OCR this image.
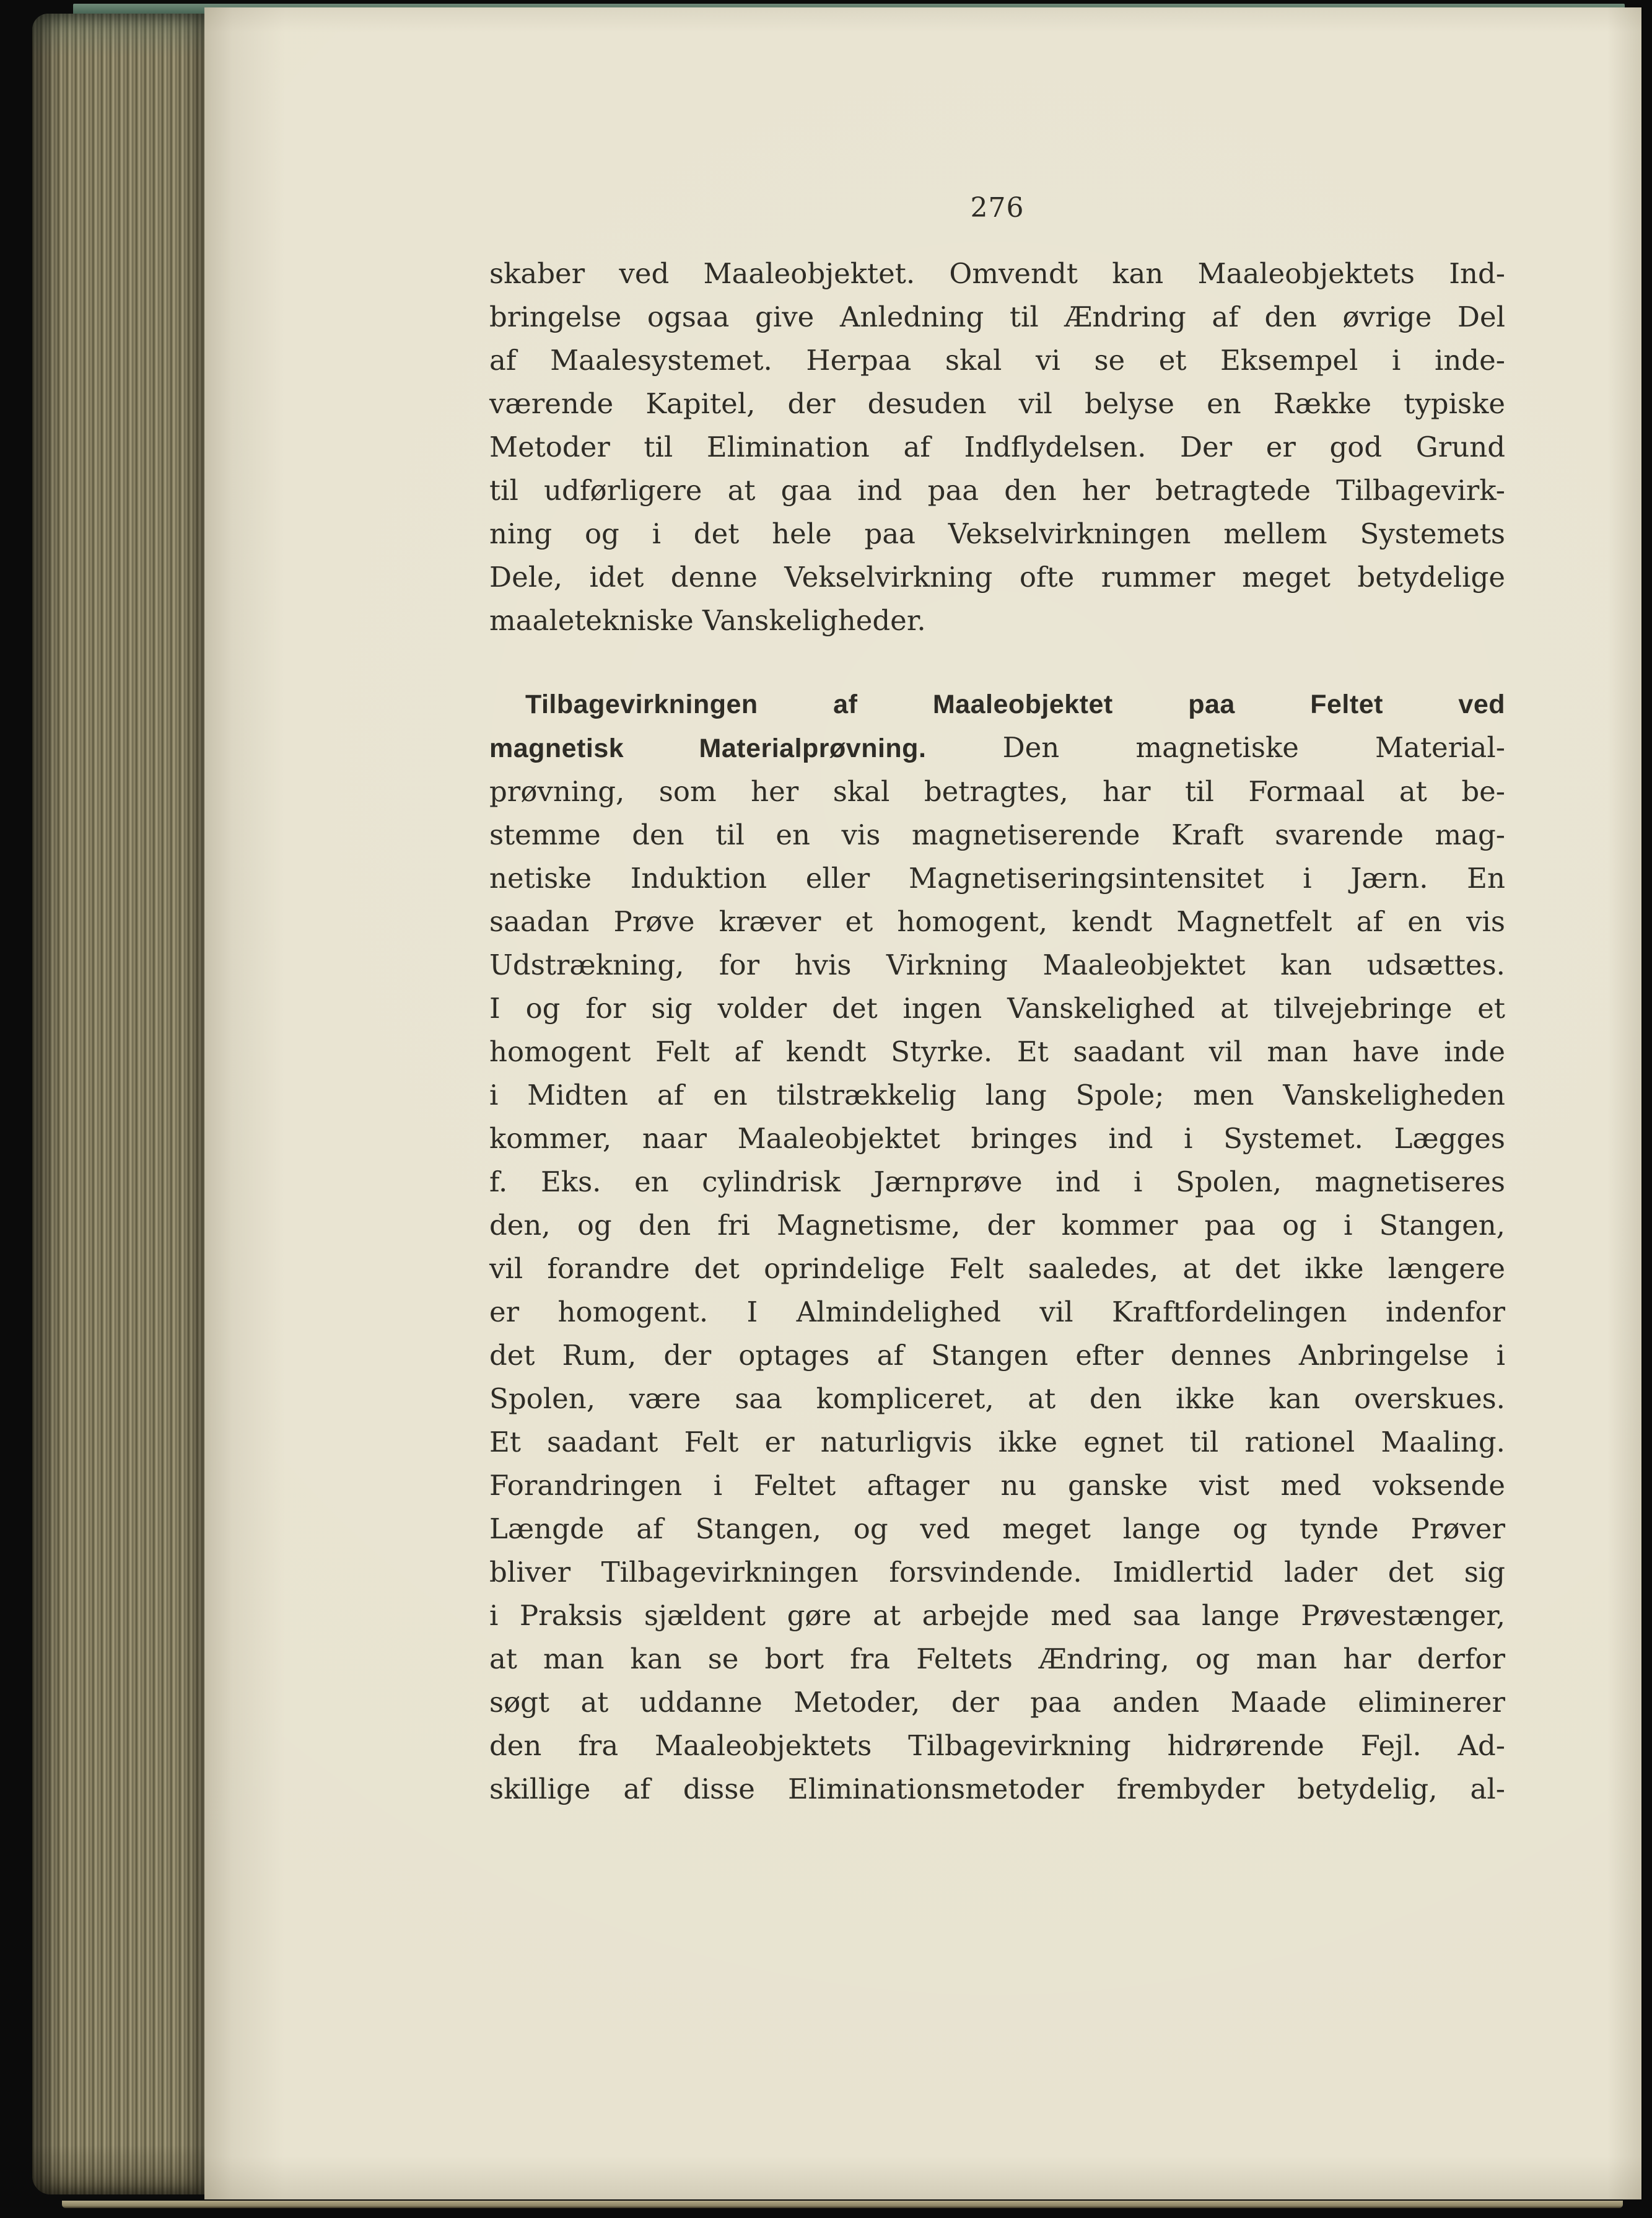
276
skaber ved Maaleobjektet. Omvendt kan Maaleobjektets Ind-
bringelse ogsaa give Anledning til Ændring af den øvrige Del
af Maalesystemet. Herpaa skal vi se et Eksempel i inde-
værende Kapitel, der desuden vil belyse en Række typiske
Metoder til Elimination af Indflydelsen. Der er god Grund
til udførligere at gaa ind paa den her betragtede Tilbagevirk-
ning og i det hele paa Vekselvirkningen mellem Systemets
Dele, idet denne Vekselvirkning ofte rummer meget betydelige
maaletekniske Vanskeligheder.
Tilbagevirkningen af Maaleobjektet paa Feltet ved
magnetisk Materialprøvning.	Den magnetiske Material-
prøvning, som her skal betragtes, har til Formaal at be-
stemme den til en vis magnetiserende Kraft svarende mag-
netiske Induktion eller Magnetiseringsintensitet i Jærn. En
saadan Prøve kræver et homogent, kendt Magnetfelt af en vis
Udstrækning, for hvis Virkning Maaleobjektet kan udsættes.
I og for sig volder det ingen Vanskelighed at tilvejebringe et
homogent Felt af kendt Styrke. Et saadant vil man have inde
i Midten af en tilstrækkelig lang Spole; men Vanskeligheden
kommer, naar Maaleobjektet bringes ind i Systemet. Lægges
f. Eks. en cylindrisk Jærnprøve ind i Spolen, magnetiseres
den, og den fri Magnetisme, der kommer paa og i Stangen,
vil forandre det oprindelige Felt saaledes, at det ikke længere
er homogent. I Almindelighed vil Kraftfordelingen indenfor
det Rum, der optages af Stangen efter dennes Anbringelse i
Spolen, være saa kompliceret, at den ikke kan overskues.
Et saadant Felt er naturligvis ikke egnet til rationel Maaling.
Forandringen i Feltet aftager nu ganske vist med voksende
Længde af Stangen, og ved meget lange og tynde Prøver
bliver Tilbagevirkningen forsvindende. Imidlertid lader det sig
i Praksis sjældent gøre at arbejde med saa lange Prøvestænger,
at man kan se bort fra Feltets Ændring, og man har derfor
søgt at uddanne Metoder, der paa anden Maade eliminerer
den fra Maaleobjektets Tilbagevirkning hidrørende Fejl. Ad-
skillige af disse Eliminationsmetoder frembyder betydelig, al-
